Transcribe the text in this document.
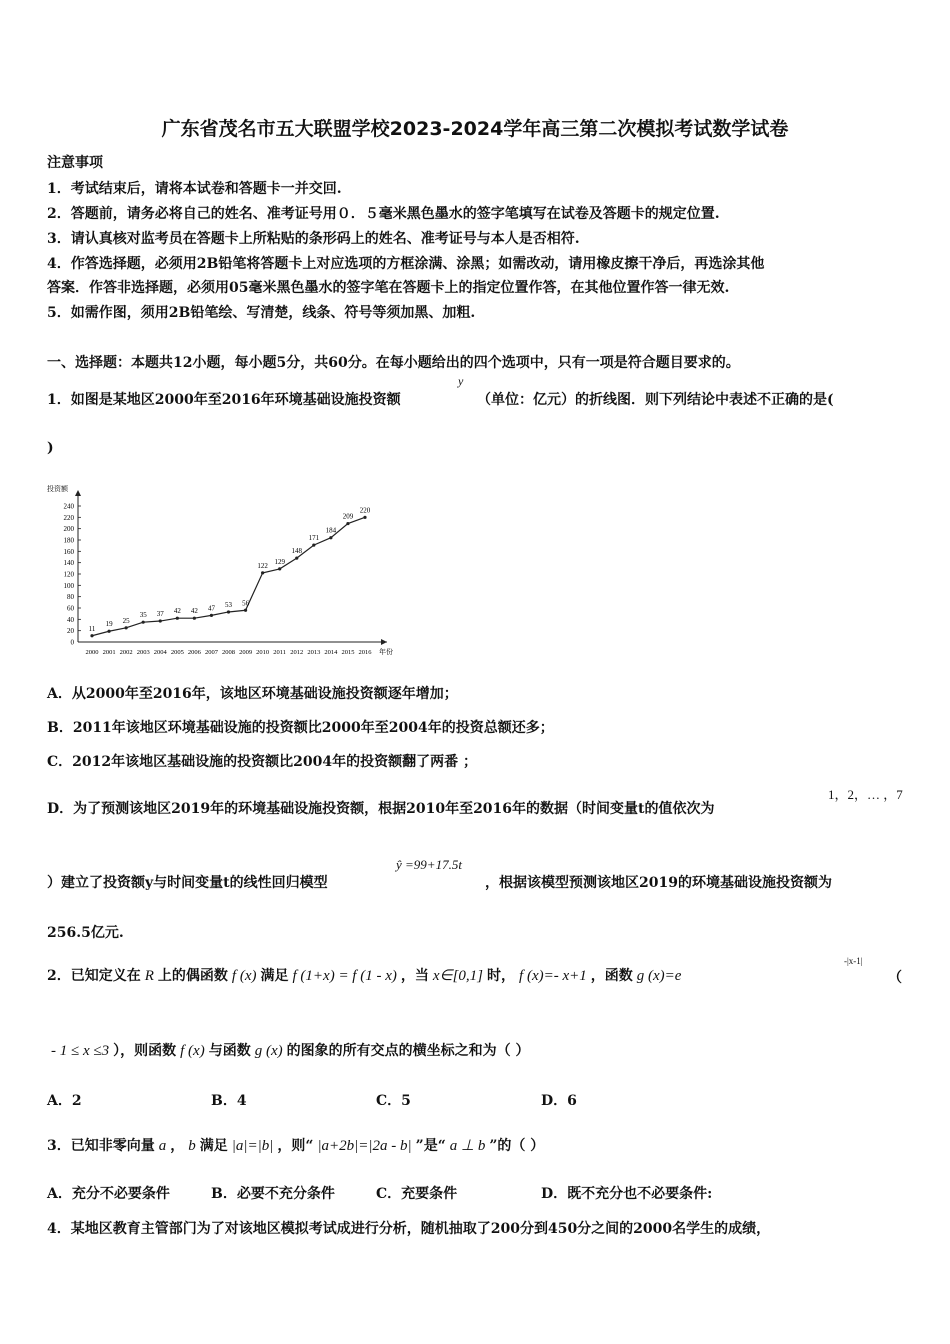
广东省茂名市五大联盟学校2023-2024学年高三第二次模拟考试数学试卷
注意事项
1．考试结束后，请将本试卷和答题卡一并交回.
2．答题前，请务必将自己的姓名、准考证号用０．５毫米黑色墨水的签字笔填写在试卷及答题卡的规定位置.
3．请认真核对监考员在答题卡上所粘贴的条形码上的姓名、准考证号与本人是否相符.
4．作答选择题，必须用2B铅笔将答题卡上对应选项的方框涂满、涂黑；如需改动，请用橡皮擦干净后，再选涂其他
答案．作答非选择题，必须用05毫米黑色墨水的签字笔在答题卡上的指定位置作答，在其他位置作答一律无效.
5．如需作图，须用2B铅笔绘、写清楚，线条、符号等须加黑、加粗.
一、选择题：本题共12小题，每小题5分，共60分。在每小题给出的四个选项中，只有一项是符合题目要求的。
1．如图是某地区2000年至2016年环境基础设施投资额
y
（单位：亿元）的折线图．则下列结论中表述不正确的是(
)
投资额
年份
0
20
40
60
80
100
120
140
160
180
200
220
240
2000 2001 2002 2003 2004 2005 2006 2007 2008 2009 2010 2011 2012 2013 2014 2015 2016
11
19 25
35 37 42 42 47 53 56
122 129
148
171
184
209
220
A．从2000年至2016年，该地区环境基础设施投资额逐年增加；
B．2011年该地区环境基础设施的投资额比2000年至2004年的投资总额还多；
C．2012年该地区基础设施的投资额比2004年的投资额翻了两番 ；
D．为了预测该地区2019年的环境基础设施投资额，根据2010年至2016年的数据（时间变量t的值依次为
1，2，… ，7
）建立了投资额y与时间变量t的线性回归模型
ŷ =99+17.5t
，根据该模型预测该地区2019的环境基础设施投资额为
256.5亿元.
2．已知定义在 R 上的偶函数 f (x) 满足 f (1+x) = f (1 - x) ，当 x∈[0,1] 时， f (x)=- x+1 ，函数 g (x)=e
-|x-1|
（
- 1 ≤ x ≤3 ），则函数 f (x) 与函数 g (x) 的图象的所有交点的横坐标之和为（ ）
A．2	B．4	C．5	D．6
3．已知非零向量 a ， b 满足 |a|=|b| ，则“ |a+2b|=|2a - b| ”是“ a ⊥ b ”的（ ）
A．充分不必要条件	B．必要不充分条件	C．充要条件	D．既不充分也不必要条件:
4．某地区教育主管部门为了对该地区模拟考试成进行分析，随机抽取了200分到450分之间的2000名学生的成绩，
